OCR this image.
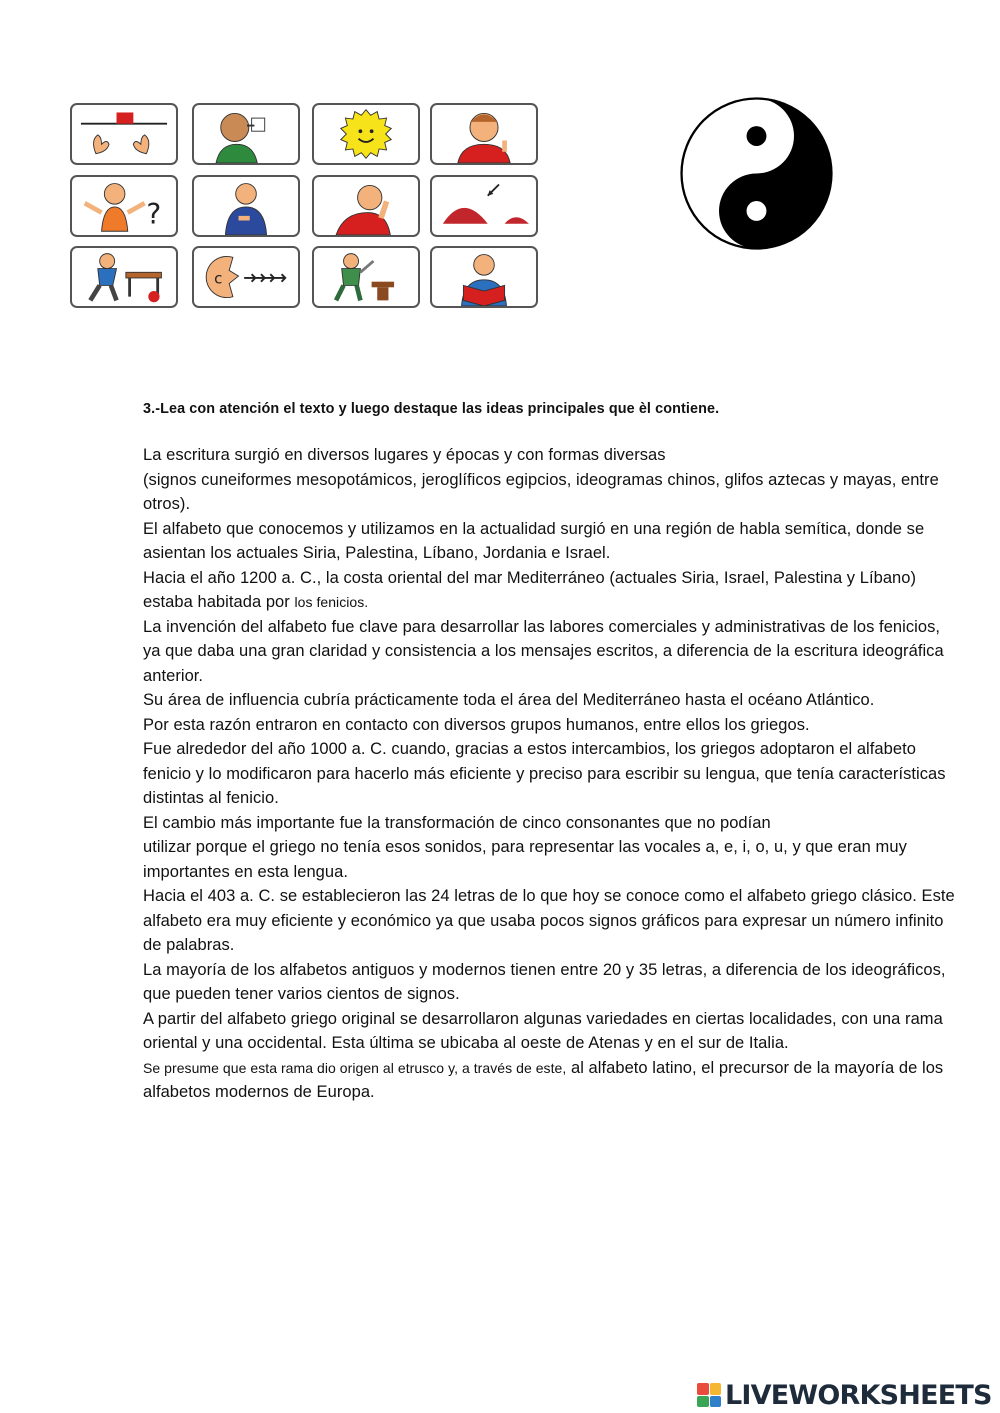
?
c
3.-Lea con atención el texto y luego destaque las ideas principales que èl contiene.

La escritura surgió en diversos lugares y épocas y con formas diversas

(signos cuneiformes mesopotámicos, jeroglíficos egipcios, ideogramas chinos, glifos aztecas y mayas, entre otros).

El alfabeto que conocemos y utilizamos en la actualidad surgió en una región de habla semítica, donde se asientan los actuales Siria, Palestina, Líbano, Jordania e Israel.

Hacia el año 1200 a. C., la costa oriental del mar Mediterráneo (actuales Siria, Israel, Palestina y Líbano) estaba habitada por los fenicios.

La invención del alfabeto fue clave para desarrollar las labores comerciales y administrativas de los fenicios, ya que daba una gran claridad y consistencia a los mensajes escritos, a diferencia de la escritura ideográfica anterior.

Su área de influencia cubría prácticamente toda el área del Mediterráneo hasta el océano Atlántico.

Por esta razón entraron en contacto con diversos grupos humanos, entre ellos los griegos.

Fue alrededor del año 1000 a. C. cuando, gracias a estos intercambios, los griegos adoptaron el alfabeto fenicio y lo modificaron para hacerlo más eficiente y preciso para escribir su lengua, que tenía características distintas al fenicio.

El cambio más importante fue la transformación de cinco consonantes que no podían

utilizar porque el griego no tenía esos sonidos, para representar las vocales a, e, i, o, u, y que eran muy importantes en esta lengua.

Hacia el 403 a. C. se establecieron las 24 letras de lo que hoy se conoce como el alfabeto griego clásico. Este alfabeto era muy eficiente y económico ya que usaba pocos signos gráficos para expresar un número infinito de palabras.

La mayoría de los alfabetos antiguos y modernos tienen entre 20 y 35 letras, a diferencia de los ideográficos, que pueden tener varios cientos de signos.

A partir del alfabeto griego original se desarrollaron algunas variedades en ciertas localidades, con una rama oriental y una occidental. Esta última se ubicaba al oeste de Atenas y en el sur de Italia.

Se presume que esta rama dio origen al etrusco y, a través de este, al alfabeto latino, el precursor de la mayoría de los alfabetos modernos de Europa.

LIVEWORKSHEETS
